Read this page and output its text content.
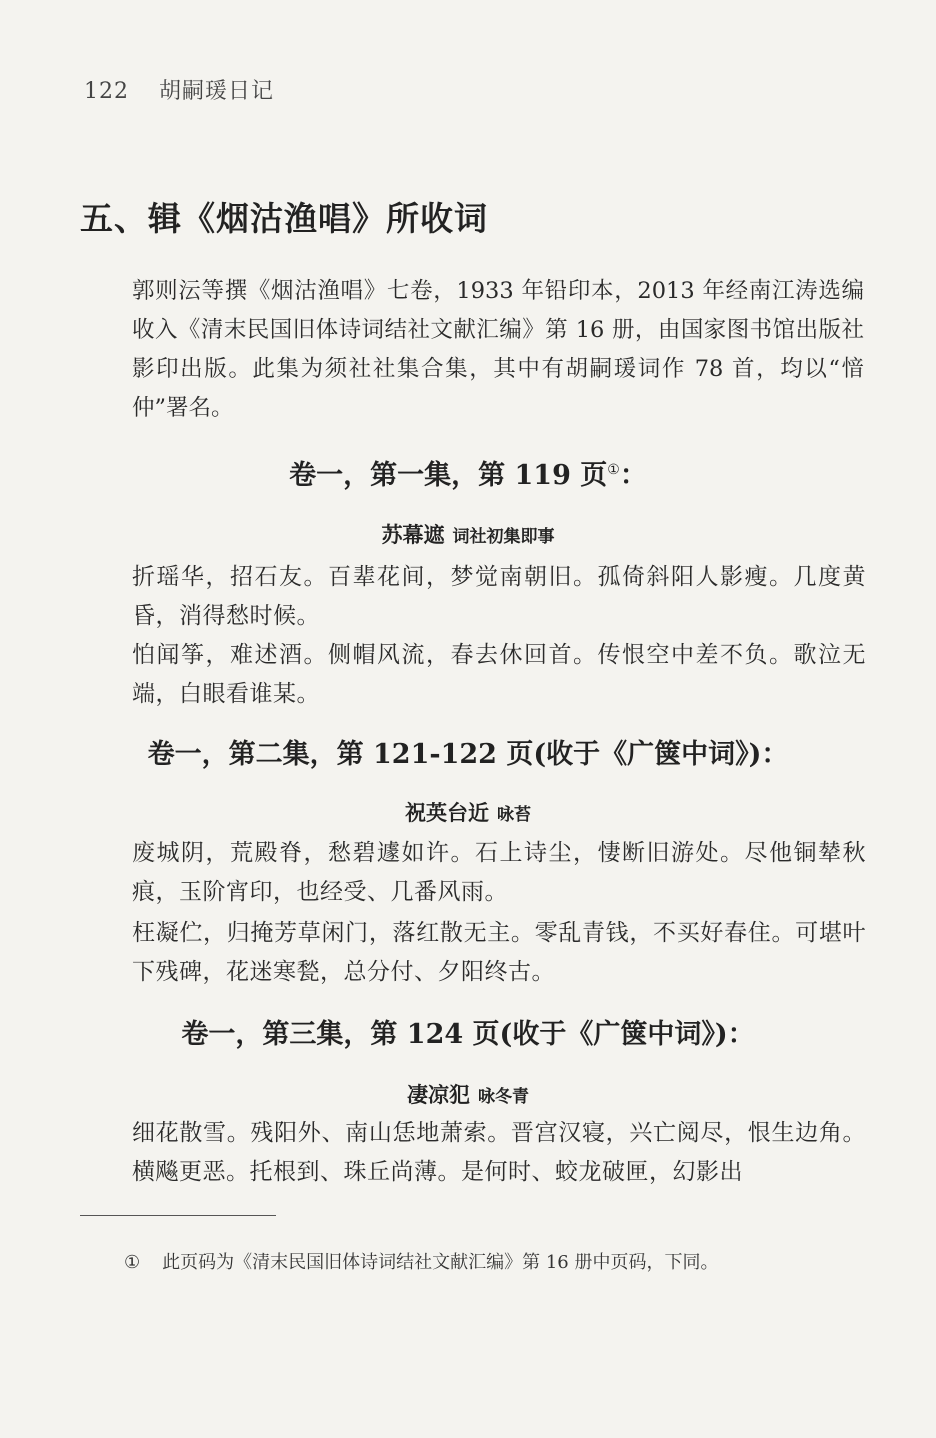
122 胡嗣瑗日记
五、辑《烟沽渔唱》所收词
郭则沄等撰《烟沽渔唱》七卷，1933 年铅印本，2013 年经南江涛选编收入《清末民国旧体诗词结社文献汇编》第 16 册，由国家图书馆出版社影印出版。此集为须社社集合集，其中有胡嗣瑗词作 78 首，均以“愔仲”署名。
卷一，第一集，第 119 页①：
苏幕遮 词社初集即事
折瑶华，招石友。百辈花间，梦觉南朝旧。孤倚斜阳人影瘦。几度黄昏，消得愁时候。
怕闻筝，难述酒。侧帽风流，春去休回首。传恨空中差不负。歌泣无端，白眼看谁某。
卷一，第二集，第 121-122 页(收于《广箧中词》)：
祝英台近 咏苔
废城阴，荒殿脊，愁碧遽如许。石上诗尘，悽断旧游处。尽他铜辇秋痕，玉阶宵印，也经受、几番风雨。
枉凝伫，归掩芳草闲门，落红散无主。零乱青钱，不买好春住。可堪叶下残碑，花迷寒甃，总分付、夕阳终古。
卷一，第三集，第 124 页(收于《广箧中词》)：
凄凉犯 咏冬青
细花散雪。残阳外、南山恁地萧索。晋宫汉寝，兴亡阅尽，恨生边角。横飚更恶。托根到、珠丘尚薄。是何时、蛟龙破匣，幻影出
① 此页码为《清末民国旧体诗词结社文献汇编》第 16 册中页码，下同。
